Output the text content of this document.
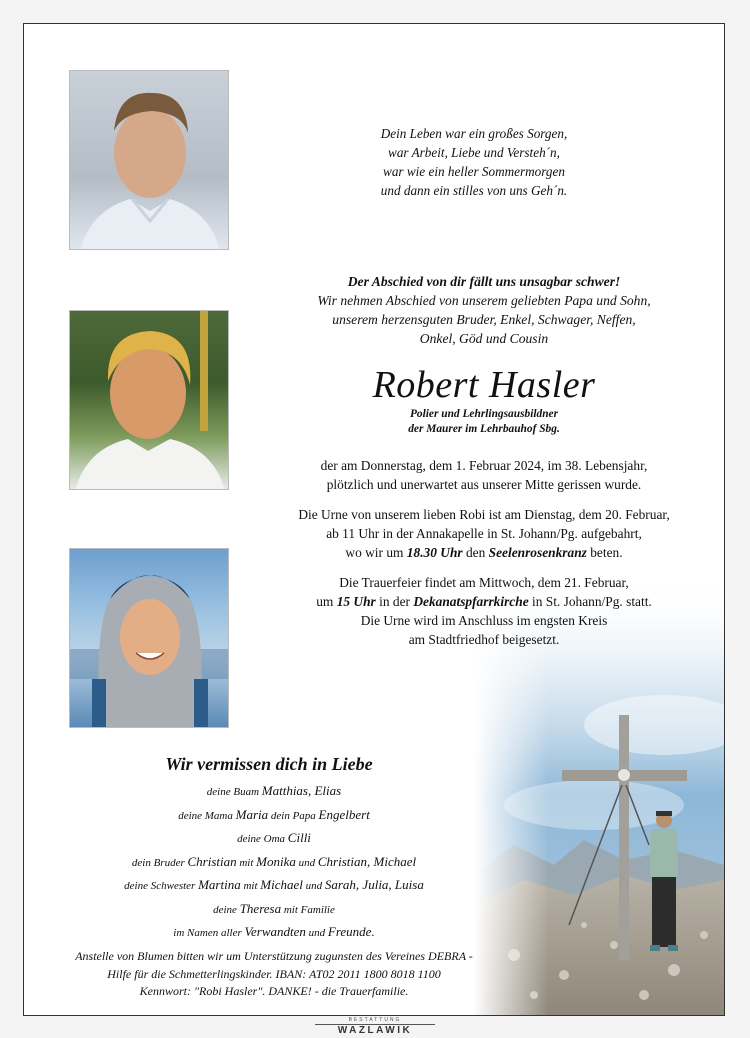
Dein Leben war ein großes Sorgen,
war Arbeit, Liebe und Versteh´n,
war wie ein heller Sommermorgen
und dann ein stilles von uns Geh´n.
Der Abschied von dir fällt uns unsagbar schwer!
Wir nehmen Abschied von unserem geliebten Papa und Sohn,
unserem herzensguten Bruder, Enkel, Schwager, Neffen,
Onkel, Göd und Cousin
Robert Hasler
Polier und Lehrlingsausbildner
der Maurer im Lehrbauhof Sbg.

der am Donnerstag, dem 1. Februar 2024, im 38. Lebensjahr,
plötzlich und unerwartet aus unserer Mitte gerissen wurde.

Die Urne von unserem lieben Robi ist am Dienstag, dem 20. Februar,
ab 11 Uhr in der Annakapelle in St. Johann/Pg. aufgebahrt,
wo wir um 18.30 Uhr den Seelenrosenkranz beten.

Die Trauerfeier findet am Mittwoch, dem 21. Februar,
um 15 Uhr in der Dekanatspfarrkirche in St. Johann/Pg. statt.
Die Urne wird im Anschluss im engsten Kreis
am Stadtfriedhof beigesetzt.

Wir vermissen dich in Liebe
deine Buam Matthias, Elias
deine Mama Maria dein Papa Engelbert
deine Oma Cilli
dein Bruder Christian mit Monika und Christian, Michael
deine Schwester Martina mit Michael und Sarah, Julia, Luisa
deine Theresa mit Familie
im Namen aller Verwandten und Freunde.
Anstelle von Blumen bitten wir um Unterstützung zugunsten des Vereines DEBRA -
Hilfe für die Schmetterlingskinder. IBAN: AT02 2011 1800 8018 1100
Kennwort: "Robi Hasler". DANKE! - die Trauerfamilie.
BESTATTUNG
WAZLAWIK
